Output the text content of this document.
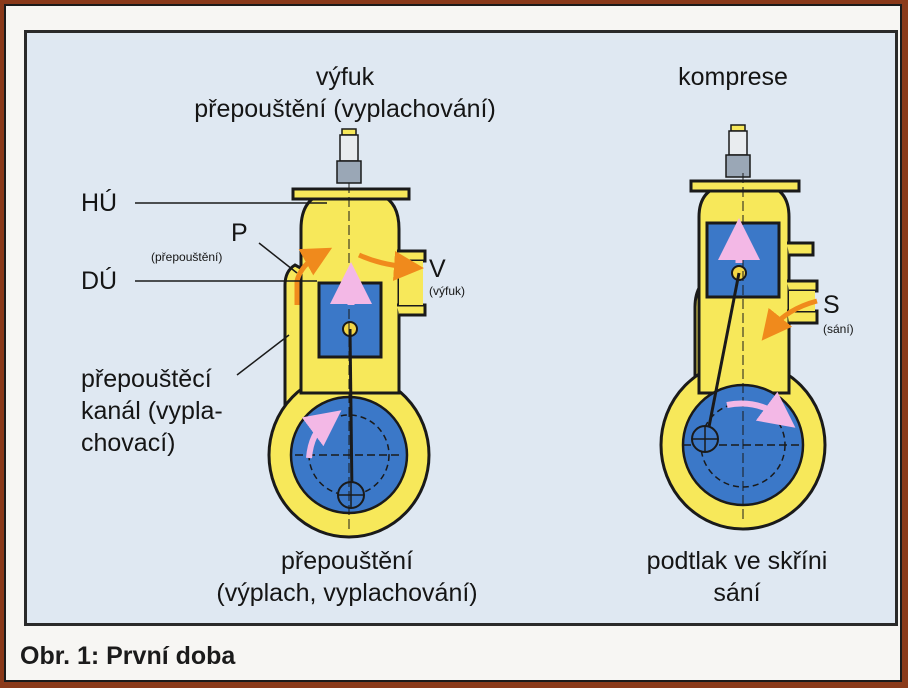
výfuk
přepouštění (vyplachování)
HÚ
P
(přepouštění)
DÚ	V
(výfuk)
přepouštěcí
kanál (vypla-
chovací)
přepouštění
(výplach, vyplachování)
komprese
S
(sání)
podtlak ve skříni
sání
Obr. 1: První doba
